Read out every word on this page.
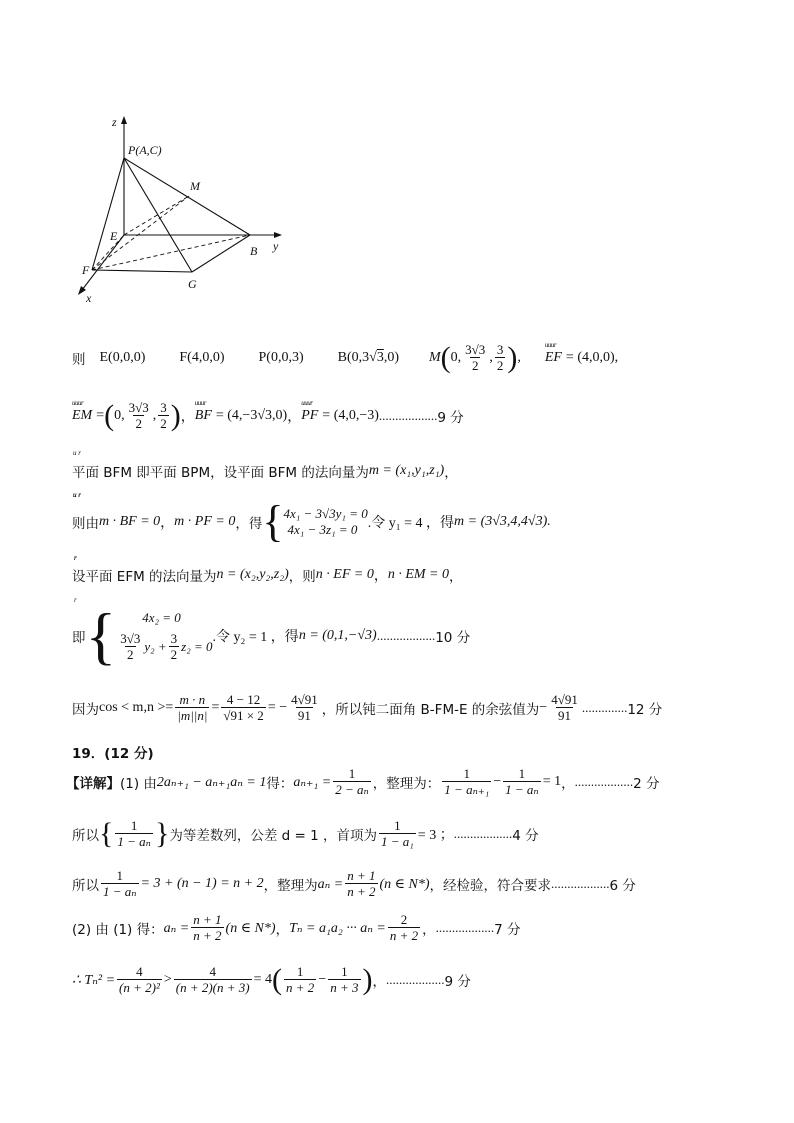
z
P(A,C)
M
E
B y
F
G
x
则 E(0,0,0) F(4,0,0) P(0,0,3) B(0,3√3,0) M ( 0, $\frac{3√3}{2}$ , $\frac{3}{2}$ ) , uuur EF = (4,0,0) ,
uuur EM = ( 0, $\frac{3√3}{2}$ , $\frac{3}{2}$ ) ， uuur BF = (4,−3√3,0) ， uuur PF = (4,0,−3) .................. 9 分
平面 BFM 即平面 BPM，设平面 BFM 的法向量为 u r m = (x₁,y₁,z₁) ，
则由 u r m · BF = 0 ， u r m · PF = 0 ，得 { 4x₁ − 3√3y₁ = 0
4x₁ − 3z₁ = 0 .令 y₁ = 4 ，得 u r m = (3√3,4,4√3).
设平面 EFM 的法向量为 r n = (x₂,y₂,z₂) ，则 r n · EF = 0 ， r n · EM = 0 ，
即 { 4x₂ = 0
$\frac{3√3}{2} y_2 + \frac{3}{2} z_2 = 0$
.令 y₂ = 1 ，得 r n = (0,1,−√3) .................. 10 分
因为 $\cos < m,n >= \frac{m \cdot n}{|m||n|} = \frac{4 - 12}{√91 \times 2}$ = − $\frac{4√91}{91}$ ，所以钝二面角 B-FM-E 的余弦值为 − $\frac{4√91}{91}$ .............. 12 分
19．(12 分)
【详解】 (1) 由 2aₙ₊₁ − aₙ₊₁aₙ = 1 得： $a_{n+1} = \frac{1}{\text{2 − aₙ}}$ ，整理为： $\frac{1}{\text{1 − aₙ₊₁}} - \frac{1}{\text{1 − aₙ}} = 1$ ， .................. 2 分
所以 { $\frac{1}{\text{1 − aₙ}}$ } 为等差数列，公差 d = 1 ，首项为 $\frac{1}{\text{1 − a₁}} = 3$ ； .................. 4 分
所以 $\frac{1}{\text{1 − aₙ}} = 3 + (n - 1) = n + 2$ ，整理为 $a_n = \frac{n + 1}{n + 2} (n$ ∈ N*) ，经检验，符合要求 .................. 6 分
(2) 由 (1) 得： $a_n = \frac{n + 1}{n + 2} (n$ ∈ N*) ， Tₙ = a₁a₂ ··· $a_n = \frac{2}{n + 2}$ ， .................. 7 分
∴ $T_n^2 = \frac{4}{\text{(n + 2)²}} > \frac{4}{(n + 2)(n + 3)} = 4$ ( $\frac{1}{n + 2} - \frac{1}{n + 3}$ ) ， .................. 9 分
